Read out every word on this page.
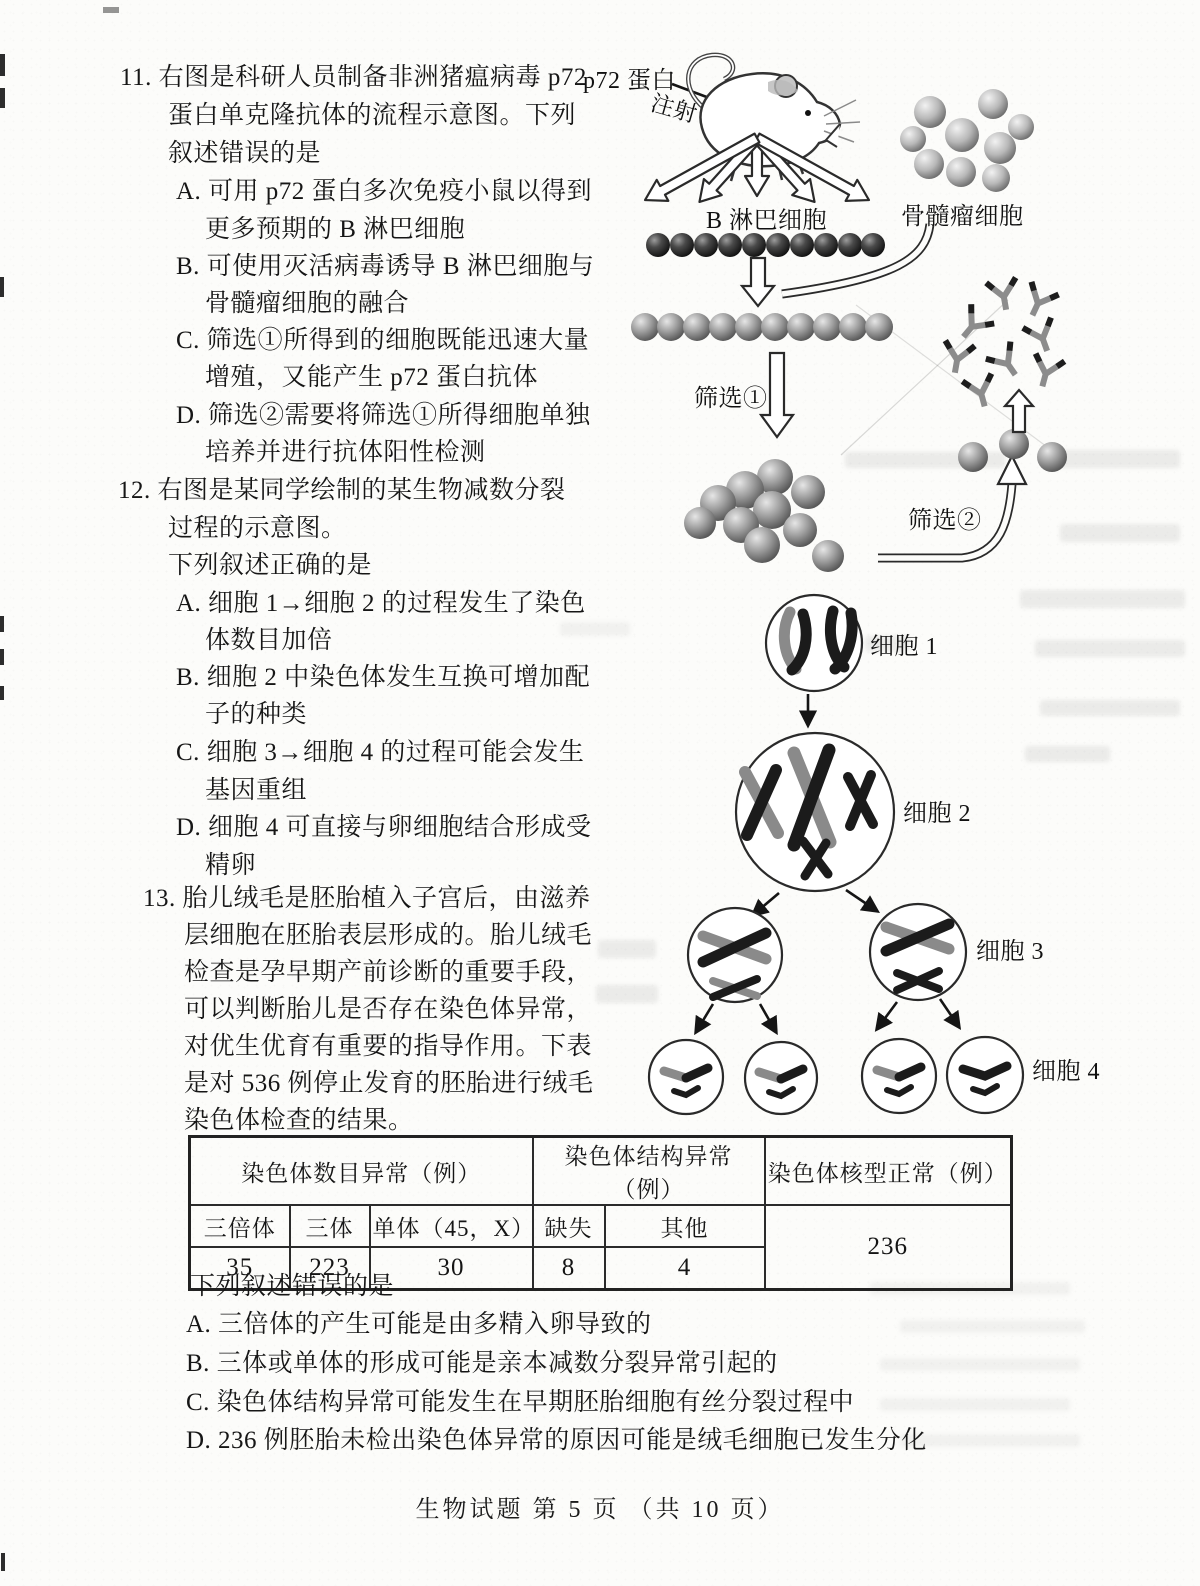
11. 右图是科研人员制备非洲猪瘟病毒 p72
蛋白单克隆抗体的流程示意图。下列
叙述错误的是
A. 可用 p72 蛋白多次免疫小鼠以得到
更多预期的 B 淋巴细胞
B. 可使用灭活病毒诱导 B 淋巴细胞与
骨髓瘤细胞的融合
C. 筛选①所得到的细胞既能迅速大量
增殖，又能产生 p72 蛋白抗体
D. 筛选②需要将筛选①所得细胞单独
培养并进行抗体阳性检测
12. 右图是某同学绘制的某生物减数分裂
过程的示意图。
下列叙述正确的是
A. 细胞 1→细胞 2 的过程发生了染色
体数目加倍
B. 细胞 2 中染色体发生互换可增加配
子的种类
C. 细胞 3→细胞 4 的过程可能会发生
基因重组
D. 细胞 4 可直接与卵细胞结合形成受
精卵
13. 胎儿绒毛是胚胎植入子宫后，由滋养
层细胞在胚胎表层形成的。胎儿绒毛
检查是孕早期产前诊断的重要手段，
可以判断胎儿是否存在染色体异常，
对优生优育有重要的指导作用。下表
是对 536 例停止发育的胚胎进行绒毛
染色体检查的结果。
染色体数目异常（例）			染色体结构异常（例）		染色体核型正常（例）
三倍体	三体	单体（45，X）	缺失	其他	236
35	223	30	8	4	
下列叙述错误的是
A. 三倍体的产生可能是由多精入卵导致的
B. 三体或单体的形成可能是亲本减数分裂异常引起的
C. 染色体结构异常可能发生在早期胚胎细胞有丝分裂过程中
D. 236 例胚胎未检出染色体异常的原因可能是绒毛细胞已发生分化
p72 蛋白
注射
B 淋巴细胞	骨髓瘤细胞
筛选①
筛选②
细胞 1
细胞 2
细胞 3
细胞 4
生物试题 第 5 页 （共 10 页）
